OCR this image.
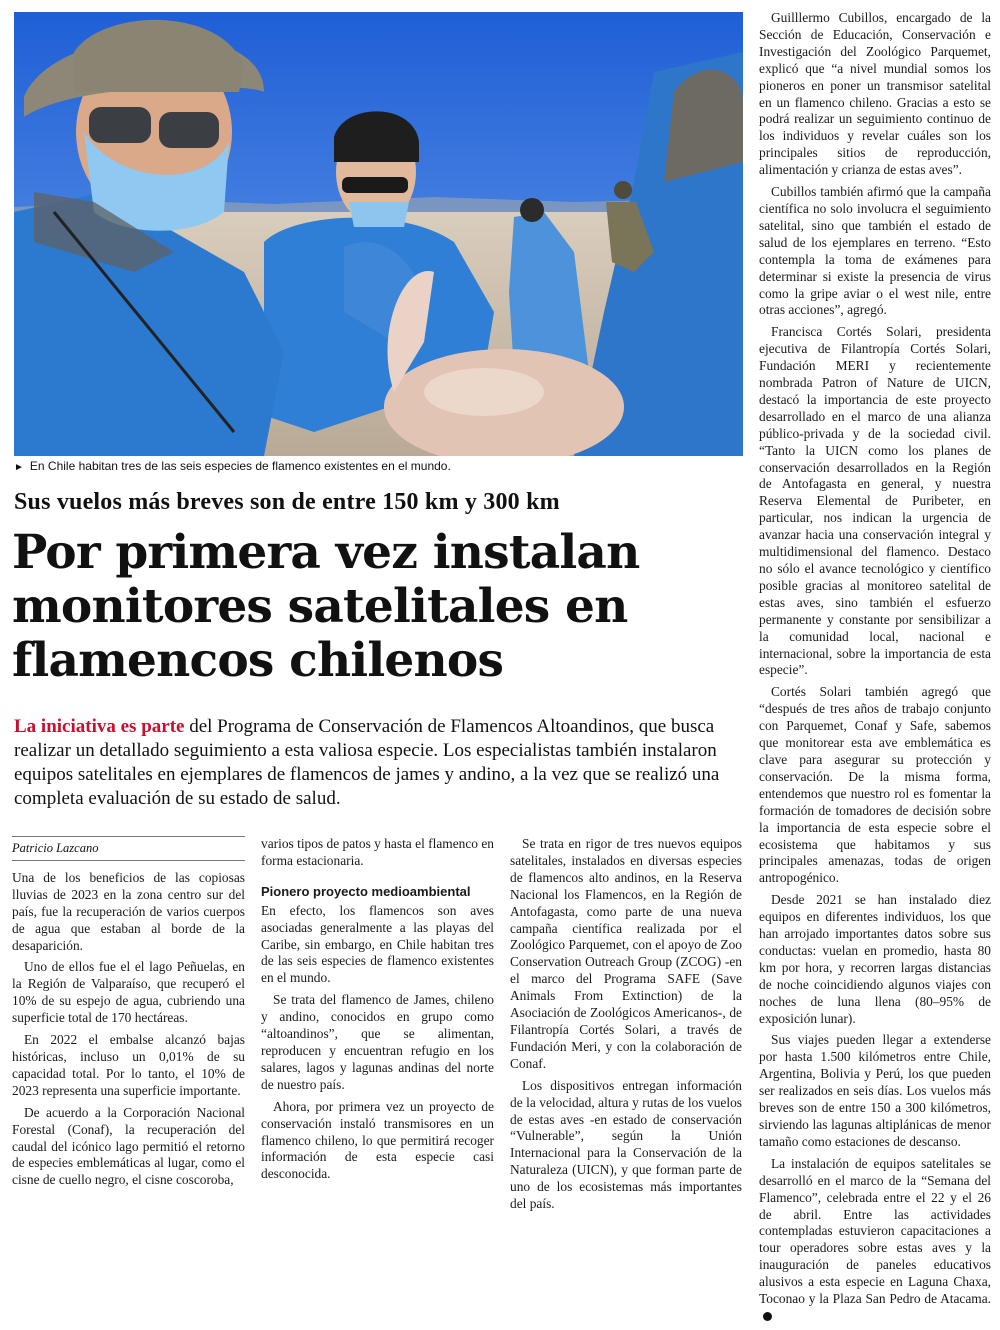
► En Chile habitan tres de las seis especies de flamenco existentes en el mundo.
Sus vuelos más breves son de entre 150 km y 300 km
Por primera vez instalan monitores satelitales en flamencos chilenos

La iniciativa es parte del Programa de Conservación de Flamencos Altoandinos, que busca realizar un detallado seguimiento a esta valiosa especie. Los especialistas también instalaron equipos satelitales en ejemplares de flamencos de james y andino, a la vez que se realizó una completa evaluación de su estado de salud.

Patricio Lazcano

Una de los beneficios de las copiosas lluvias de 2023 en la zona centro sur del país, fue la recuperación de varios cuerpos de agua que estaban al borde de la desaparición.

Uno de ellos fue el el lago Peñuelas, en la Región de Valparaíso, que recuperó el 10% de su espejo de agua, cubriendo una superficie total de 170 hectáreas.

En 2022 el embalse alcanzó bajas históricas, incluso un 0,01% de su capacidad total. Por lo tanto, el 10% de 2023 representa una superficie importante.

De acuerdo a la Corporación Nacional Forestal (Conaf), la recuperación del caudal del icónico lago permitió el retorno de especies emblemáticas al lugar, como el cisne de cuello negro, el cisne coscoroba,

varios tipos de patos y hasta el flamenco en forma estacionaria.

Pionero proyecto medioambiental

En efecto, los flamencos son aves asociadas generalmente a las playas del Caribe, sin embargo, en Chile habitan tres de las seis especies de flamenco existentes en el mundo.

Se trata del flamenco de James, chileno y andino, conocidos en grupo como “altoandinos”, que se alimentan, reproducen y encuentran refugio en los salares, lagos y lagunas andinas del norte de nuestro país.

Ahora, por primera vez un proyecto de conservación instaló transmisores en un flamenco chileno, lo que permitirá recoger información de esta especie casi desconocida.

Se trata en rigor de tres nuevos equipos satelitales, instalados en diversas especies de flamencos alto andinos, en la Reserva Nacional los Flamencos, en la Región de Antofagasta, como parte de una nueva campaña científica realizada por el Zoológico Parquemet, con el apoyo de Zoo Conservation Outreach Group (ZCOG) -en el marco del Programa SAFE (Save Animals From Extinction) de la Asociación de Zoológicos Americanos-, de Filantropía Cortés Solari, a través de Fundación Meri, y con la colaboración de Conaf.

Los dispositivos entregan información de la velocidad, altura y rutas de los vuelos de estas aves -en estado de conservación “Vulnerable”, según la Unión Internacional para la Conservación de la Naturaleza (UICN), y que forman parte de uno de los ecosistemas más importantes del país.

Guilllermo Cubillos, encargado de la Sección de Educación, Conservación e Investigación del Zoológico Parquemet, explicó que “a nivel mundial somos los pioneros en poner un transmisor satelital en un flamenco chileno. Gracias a esto se podrá realizar un seguimiento continuo de los individuos y revelar cuáles son los principales sitios de reproducción, alimentación y crianza de estas aves”.

Cubillos también afirmó que la campaña científica no solo involucra el seguimiento satelital, sino que también el estado de salud de los ejemplares en terreno. “Esto contempla la toma de exámenes para determinar si existe la presencia de virus como la gripe aviar o el west nile, entre otras acciones”, agregó.

Francisca Cortés Solari, presidenta ejecutiva de Filantropía Cortés Solari, Fundación MERI y recientemente nombrada Patron of Nature de UICN, destacó la importancia de este proyecto desarrollado en el marco de una alianza público-privada y de la sociedad civil. “Tanto la UICN como los planes de conservación desarrollados en la Región de Antofagasta en general, y nuestra Reserva Elemental de Puribeter, en particular, nos indican la urgencia de avanzar hacia una conservación integral y multidimensional del flamenco. Destaco no sólo el avance tecnológico y científico posible gracias al monitoreo satelital de estas aves, sino también el esfuerzo permanente y constante por sensibilizar a la comunidad local, nacional e internacional, sobre la importancia de esta especie”.

Cortés Solari también agregó que “después de tres años de trabajo conjunto con Parquemet, Conaf y Safe, sabemos que monitorear esta ave emblemática es clave para asegurar su protección y conservación. De la misma forma, entendemos que nuestro rol es fomentar la formación de tomadores de decisión sobre la importancia de esta especie sobre el ecosistema que habitamos y sus principales amenazas, todas de origen antropogénico.

Desde 2021 se han instalado diez equipos en diferentes individuos, los que han arrojado importantes datos sobre sus conductas: vuelan en promedio, hasta 80 km por hora, y recorren largas distancias de noche coincidiendo algunos viajes con noches de luna llena (80–95% de exposición lunar).

Sus viajes pueden llegar a extenderse por hasta 1.500 kilómetros entre Chile, Argentina, Bolivia y Perú, los que pueden ser realizados en seis días. Los vuelos más breves son de entre 150 a 300 kilómetros, sirviendo las lagunas altiplánicas de menor tamaño como estaciones de descanso.

La instalación de equipos satelitales se desarrolló en el marco de la “Semana del Flamenco”, celebrada entre el 22 y el 26 de abril. Entre las actividades contempladas estuvieron capacitaciones a tour operadores sobre estas aves y la inauguración de paneles educativos alusivos a esta especie en Laguna Chaxa, Toconao y la Plaza San Pedro de Atacama.
